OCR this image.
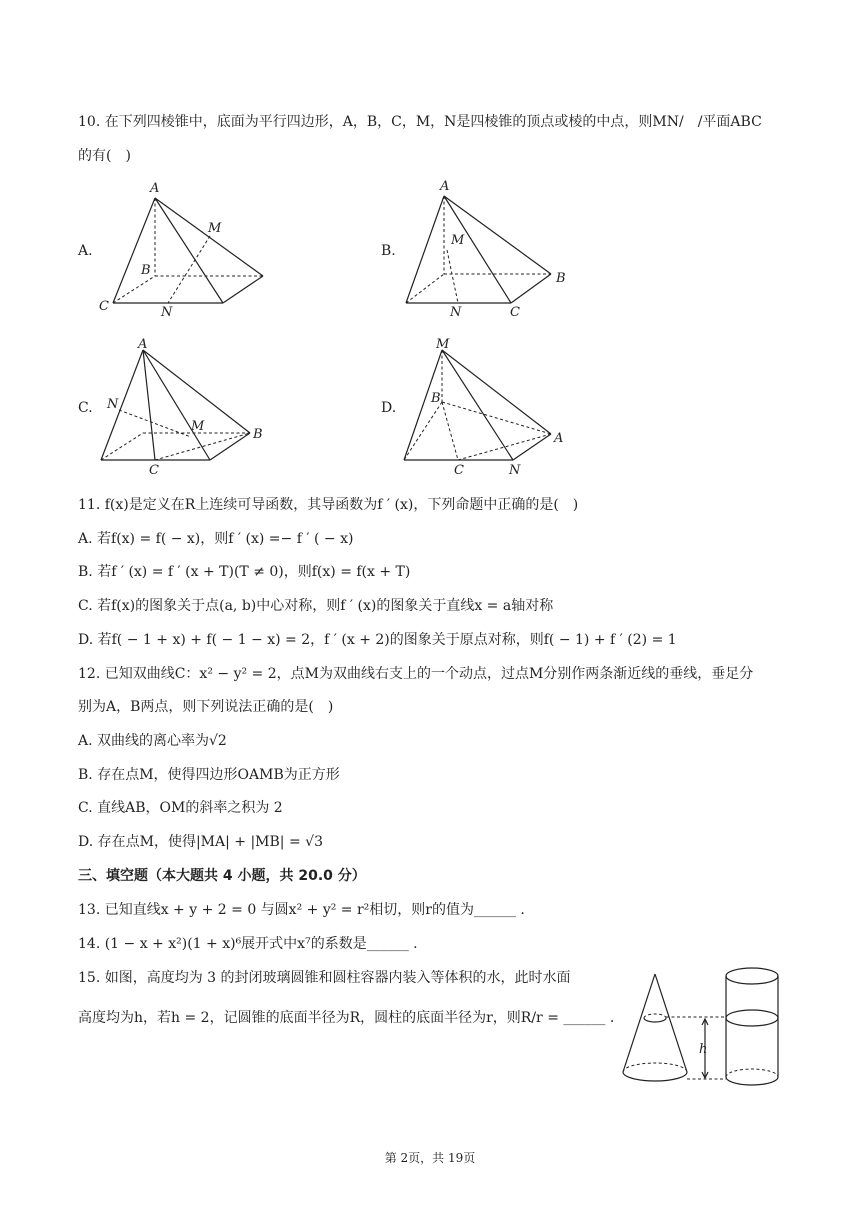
10. 在下列四棱锥中，底面为平行四边形，A，B，C，M，N是四棱锥的顶点或棱的中点，则MN/　/平面ABC
的有(　)
A.
A
M
B
C	N
B.
A
M
B
N	C
C.
A
N
M
B
C
D.
M
B
A
C	N
11. f(x)是定义在R上连续可导函数，其导函数为f ′ (x)，下列命题中正确的是(　)
A. 若f(x) = f( − x)，则f ′ (x) =− f ′ ( − x)
B. 若f ′ (x) = f ′ (x + T)(T ≠ 0)，则f(x) = f(x + T)
C. 若f(x)的图象关于点(a, b)中心对称，则f ′ (x)的图象关于直线x = a轴对称
D. 若f( − 1 + x) + f( − 1 − x) = 2，f ′ (x + 2)的图象关于原点对称，则f( − 1) + f ′ (2) = 1
12. 已知双曲线C：x² − y² = 2，点M为双曲线右支上的一个动点，过点M分别作两条渐近线的垂线，垂足分
别为A，B两点，则下列说法正确的是(　)
A. 双曲线的离心率为√2
B. 存在点M，使得四边形OAMB为正方形
C. 直线AB，OM的斜率之积为 2
D. 存在点M，使得|MA| + |MB| = √3
三、填空题（本大题共 4 小题，共 20.0 分）
13. 已知直线x + y + 2 = 0 与圆x² + y² = r²相切，则r的值为______ .
14. (1 − x + x²)(1 + x)⁶展开式中x⁷的系数是______ .
15. 如图，高度均为 3 的封闭玻璃圆锥和圆柱容器内装入等体积的水，此时水面
高度均为h，若h = 2，记圆锥的底面半径为R，圆柱的底面半径为r，则R/r = ______ .
h
第 2页，共 19页
